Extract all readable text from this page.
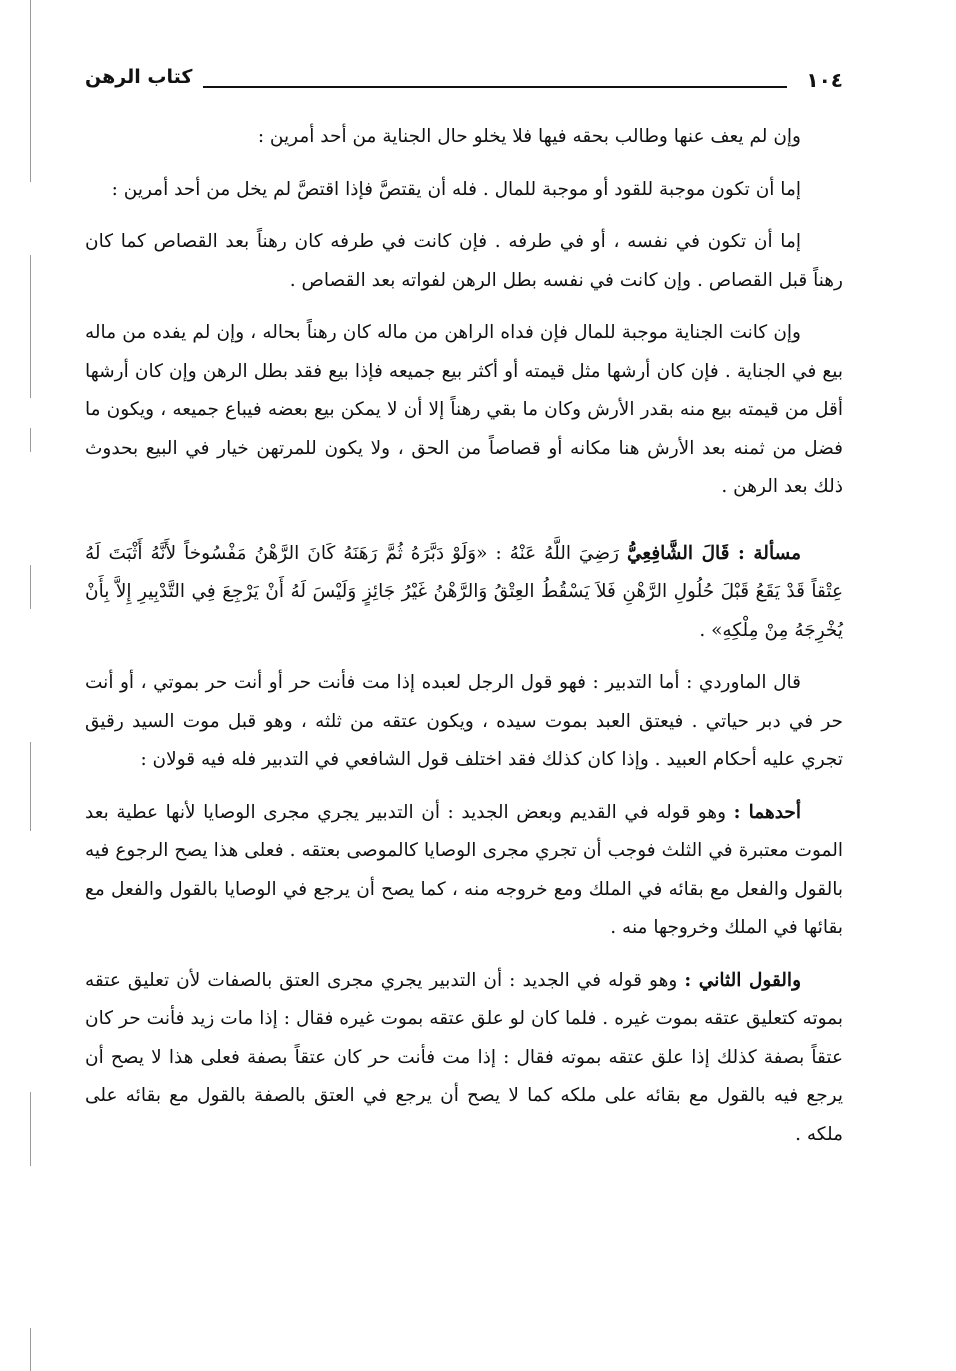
١٠٤
كتاب الرهن

وإن لم يعف عنها وطالب بحقه فيها فلا يخلو حال الجناية من أحد أمرين :

إما أن تكون موجبة للقود أو موجبة للمال . فله أن يقتصَّ فإذا اقتصَّ لم يخل من أحد أمرين :

إما أن تكون في نفسه ، أو في طرفه . فإن كانت في طرفه كان رهناً بعد القصاص كما كان رهناً قبل القصاص . وإن كانت في نفسه بطل الرهن لفواته بعد القصاص .

وإن كانت الجناية موجبة للمال فإن فداه الراهن من ماله كان رهناً بحاله ، وإن لم يفده من ماله بيع في الجناية . فإن كان أرشها مثل قيمته أو أكثر بيع جميعه فإذا بيع فقد بطل الرهن وإن كان أرشها أقل من قيمته بيع منه بقدر الأرش وكان ما بقي رهناً إلا أن لا يمكن بيع بعضه فيباع جميعه ، ويكون ما فضل من ثمنه بعد الأرش هنا مكانه أو قصاصاً من الحق ، ولا يكون للمرتهن خيار في البيع بحدوث ذلك بعد الرهن .

مسألة : قَالَ الشَّافِعِيُّ رَضِيَ اللَّهُ عَنْهُ : «وَلَوْ دَبَّرَهُ ثُمَّ رَهَنَهُ كَانَ الرَّهْنُ مَفْسُوخاً لأَنَّهُ أَثْبَتَ لَهُ عِتْقاً قَدْ يَقَعُ قَبْلَ حُلُولِ الرَّهْنِ فَلاَ يَسْقُطُ العِتْقُ وَالرَّهْنُ غَيْرُ جَائِزٍ وَلَيْسَ لَهُ أَنْ يَرْجِعَ فِي التَّدْبِيرِ إِلاَّ بِأَنْ يُخْرِجَهُ مِنْ مِلْكِهِ» .

قال الماوردي : أما التدبير : فهو قول الرجل لعبده إذا مت فأنت حر أو أنت حر بموتي ، أو أنت حر في دبر حياتي . فيعتق العبد بموت سيده ، ويكون عتقه من ثلثه ، وهو قبل موت السيد رقيق تجري عليه أحكام العبيد . وإذا كان كذلك فقد اختلف قول الشافعي في التدبير فله فيه قولان :

أحدهما : وهو قوله في القديم وبعض الجديد : أن التدبير يجري مجرى الوصايا لأنها عطية بعد الموت معتبرة في الثلث فوجب أن تجري مجرى الوصايا كالموصى بعتقه . فعلى هذا يصح الرجوع فيه بالقول والفعل مع بقائه في الملك ومع خروجه منه ، كما يصح أن يرجع في الوصايا بالقول والفعل مع بقائها في الملك وخروجها منه .

والقول الثاني : وهو قوله في الجديد : أن التدبير يجري مجرى العتق بالصفات لأن تعليق عتقه بموته كتعليق عتقه بموت غيره . فلما كان لو علق عتقه بموت غيره فقال : إذا مات زيد فأنت حر كان عتقاً بصفة كذلك إذا علق عتقه بموته فقال : إذا مت فأنت حر كان عتقاً بصفة فعلى هذا لا يصح أن يرجع فيه بالقول مع بقائه على ملكه كما لا يصح أن يرجع في العتق بالصفة بالقول مع بقائه على ملكه .
